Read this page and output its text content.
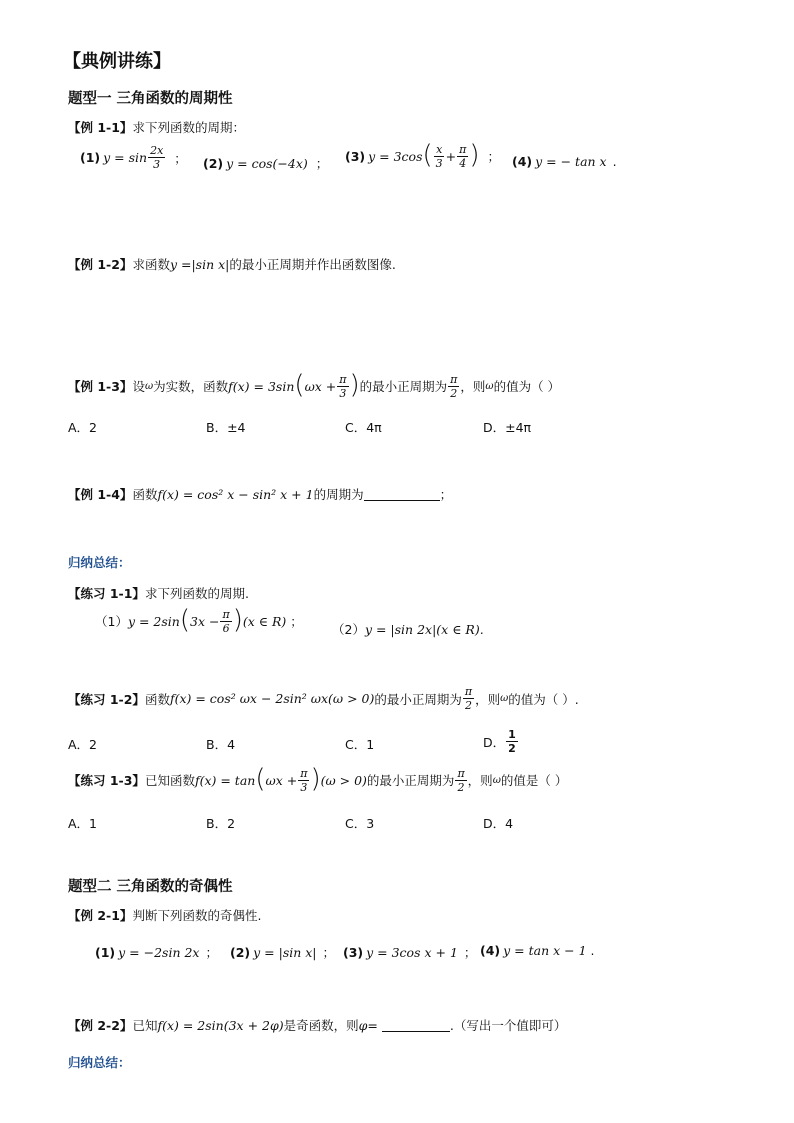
【典例讲练】
题型一 三角函数的周期性
【例 1-1】 求下列函数的周期：
(1) $y = \sin \frac{2x}{3}$ ； (2) y = cos(−4x) ； (3) y = 3cos ( $\frac{x}{3} + \frac{\pi}{4}$ ) ； (4) y = − tan x .
【例 1-2】 求函数 y =|sin x| 的最小正周期并作出函数图像.
【例 1-3】 设 ω 为实数，函数 f(x) = 3sin ( $\omega x + \frac{\pi}{3}$ ) 的最小正周期为 $\frac{\pi}{2}$ ，则 ω 的值为（ ）
A．2	B．±4	C．4π	D．±4π
【例 1-4】 函数 f(x) = cos² x − sin² x + 1 的周期为	；
归纳总结：
【练习 1-1】 求下列函数的周期.
（1） y = 2sin ( $3x - \frac{\pi}{6}$ ) (x ∈ R) ；
（2） y = |sin 2x|(x ∈ R).
【练习 1-2】 函数 f(x) = cos² ωx − 2sin² ωx(ω > 0) 的最小正周期为 $\frac{\pi}{2}$ ，则 ω 的值为（ ）.
A．2	B．4	C．1	D． $\frac{1}{2}$
【练习 1-3】 已知函数 f(x) = tan ( $\omega x + \frac{\pi}{3}$ ) (ω > 0) 的最小正周期为 $\frac{\pi}{2}$ ，则 ω 的值是（ ）
A．1	B．2	C．3	D．4
题型二 三角函数的奇偶性
【例 2-1】 判断下列函数的奇偶性.
(1) y = −2sin 2x ； (2) y = |sin x| ； (3) y = 3cos x + 1 ； (4) y = tan x − 1 .
【例 2-2】 已知 f(x) = 2sin(3x + 2φ) 是奇函数，则 φ=	.（写出一个值即可）
归纳总结：
